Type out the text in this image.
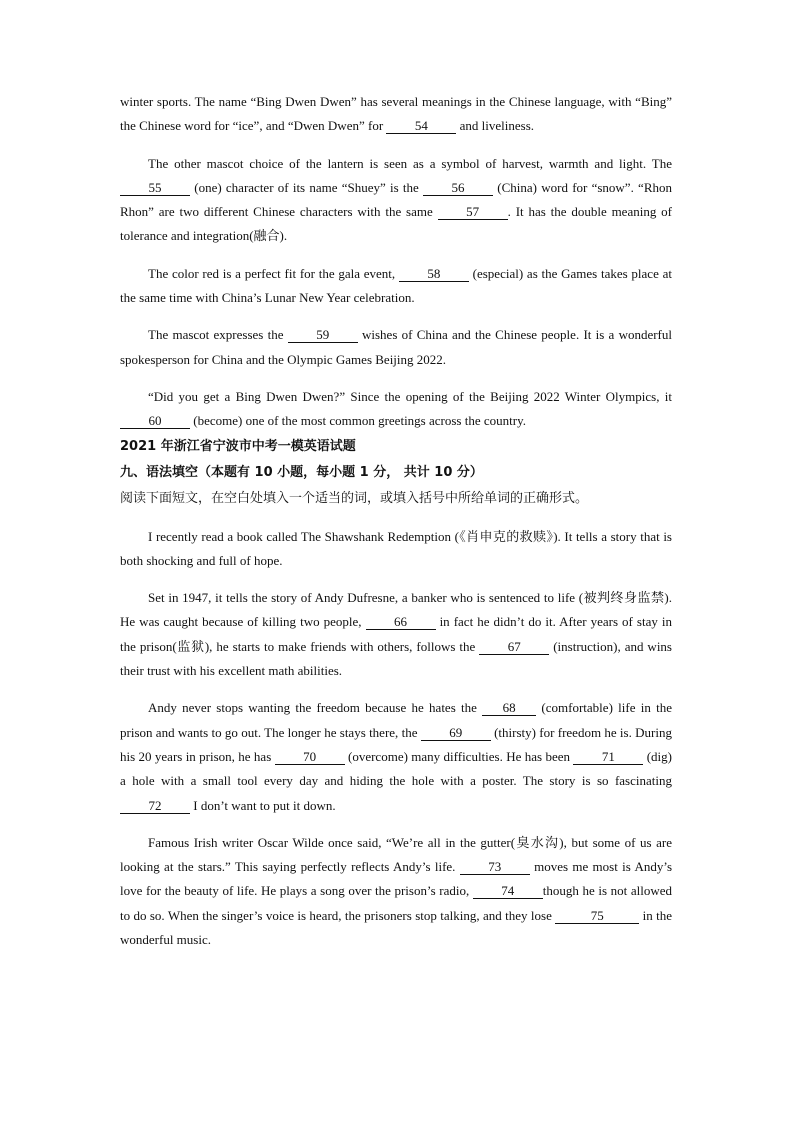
winter sports. The name “Bing Dwen Dwen” has several meanings in the Chinese language, with “Bing” the Chinese word for “ice”, and “Dwen Dwen” for 54 and liveliness.

The other mascot choice of the lantern is seen as a symbol of harvest, warmth and light. The 55 (one) character of its name “Shuey” is the 56 (China) word for “snow”. “Rhon Rhon” are two different Chinese characters with the same 57 . It has the double meaning of tolerance and integration(融合).

The color red is a perfect fit for the gala event, 58 (especial) as the Games takes place at the same time with China’s Lunar New Year celebration.

The mascot expresses the 59 wishes of China and the Chinese people. It is a wonderful spokesperson for China and the Olympic Games Beijing 2022.

“Did you get a Bing Dwen Dwen?” Since the opening of the Beijing 2022 Winter Olympics, it 60 (become) one of the most common greetings across the country.

2021 年浙江省宁波市中考一模英语试题

九、语法填空（本题有 10 小题，每小题 1 分， 共计 10 分）

阅读下面短文，在空白处填入一个适当的词，或填入括号中所给单词的正确形式。

I recently read a book called The Shawshank Redemption (《肖申克的救赎》). It tells a story that is both shocking and full of hope.

Set in 1947, it tells the story of Andy Dufresne, a banker who is sentenced to life (被判终身监禁). He was caught because of killing two people, 66 in fact he didn’t do it. After years of stay in the prison(监狱), he starts to make friends with others, follows the 67 (instruction), and wins their trust with his excellent math abilities.

Andy never stops wanting the freedom because he hates the 68 (comfortable) life in the prison and wants to go out. The longer he stays there, the 69 (thirsty) for freedom he is. During his 20 years in prison, he has 70 (overcome) many difficulties. He has been 71 (dig) a hole with a small tool every day and hiding the hole with a poster. The story is so fascinating 72 I don’t want to put it down.

Famous Irish writer Oscar Wilde once said, “We’re all in the gutter(臭水沟), but some of us are looking at the stars.” This saying perfectly reflects Andy’s life. 73 moves me most is Andy’s love for the beauty of life. He plays a song over the prison’s radio, 74 though he is not allowed to do so. When the singer’s voice is heard, the prisoners stop talking, and they lose	75	in the wonderful music.
